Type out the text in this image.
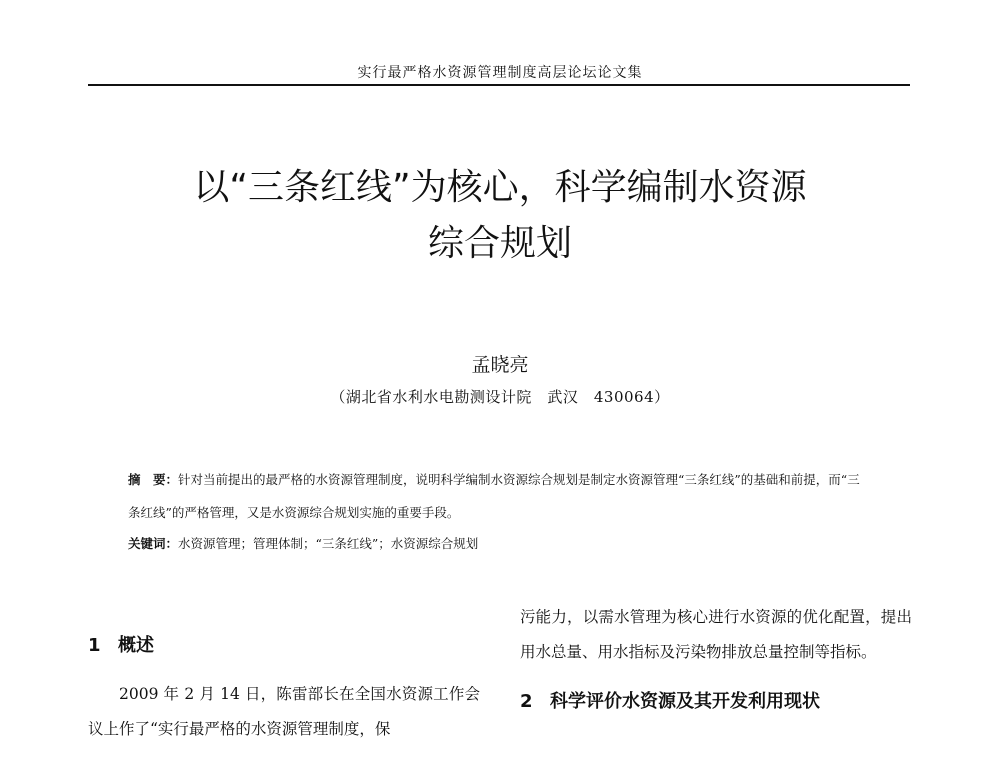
实行最严格水资源管理制度高层论坛论文集
以“三条红线”为核心，科学编制水资源
综合规划
孟晓亮
（湖北省水利水电勘测设计院　武汉　430064）
摘　要：针对当前提出的最严格的水资源管理制度，说明科学编制水资源综合规划是制定水资源管理“三条红线”的基础和前提，而“三条红线”的严格管理，又是水资源综合规划实施的重要手段。
关键词：水资源管理；管理体制；“三条红线”；水资源综合规划
1 概述

2009 年 2 月 14 日，陈雷部长在全国水资源工作会议上作了“实行最严格的水资源管理制度，保

污能力，以需水管理为核心进行水资源的优化配置，提出用水总量、用水指标及污染物排放总量控制等指标。

2 科学评价水资源及其开发利用现状
